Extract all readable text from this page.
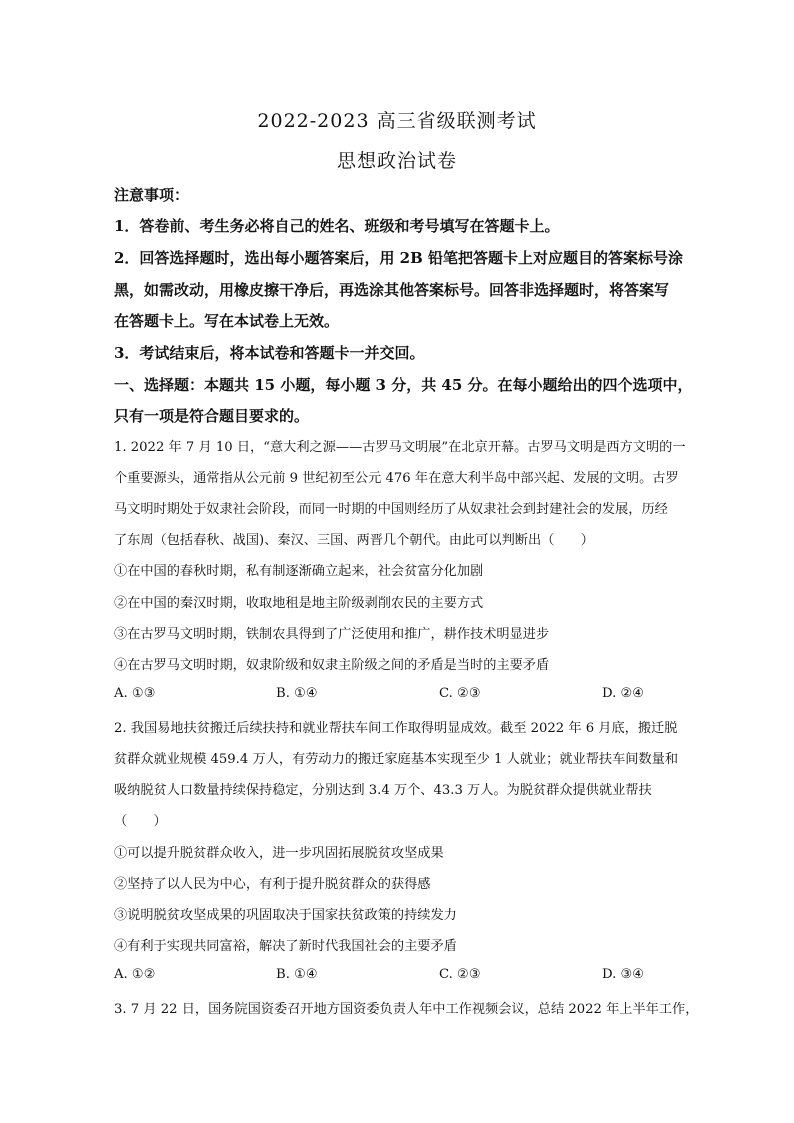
2022-2023 高三省级联测考试
思想政治试卷
注意事项：
1．答卷前、考生务必将自己的姓名、班级和考号填写在答题卡上。
2．回答选择题时，选出每小题答案后，用 2B 铅笔把答题卡上对应题目的答案标号涂
黑，如需改动，用橡皮擦干净后，再选涂其他答案标号。回答非选择题时，将答案写
在答题卡上。写在本试卷上无效。
3．考试结束后，将本试卷和答题卡一并交回。
一、选择题：本题共 15 小题，每小题 3 分，共 45 分。在每小题给出的四个选项中，
只有一项是符合题目要求的。
1. 2022 年 7 月 10 日，“意大利之源——古罗马文明展”在北京开幕。古罗马文明是西方文明的一
个重要源头，通常指从公元前 9 世纪初至公元 476 年在意大利半岛中部兴起、发展的文明。古罗
马文明时期处于奴隶社会阶段，而同一时期的中国则经历了从奴隶社会到封建社会的发展，历经
了东周（包括春秋、战国)、秦汉、三国、两晋几个朝代。由此可以判断出（　　）
①在中国的春秋时期，私有制逐渐确立起来，社会贫富分化加剧
②在中国的秦汉时期，收取地租是地主阶级剥削农民的主要方式
③在古罗马文明时期，铁制农具得到了广泛使用和推广，耕作技术明显进步
④在古罗马文明时期，奴隶阶级和奴隶主阶级之间的矛盾是当时的主要矛盾
A. ①③	B. ①④	C. ②③	D. ②④
2. 我国易地扶贫搬迁后续扶持和就业帮扶车间工作取得明显成效。截至 2022 年 6 月底，搬迁脱
贫群众就业规模 459.4 万人，有劳动力的搬迁家庭基本实现至少 1 人就业；就业帮扶车间数量和
吸纳脱贫人口数量持续保持稳定，分别达到 3.4 万个、43.3 万人。为脱贫群众提供就业帮扶
（　　）
①可以提升脱贫群众收入，进一步巩固拓展脱贫攻坚成果
②坚持了以人民为中心，有利于提升脱贫群众的获得感
③说明脱贫攻坚成果的巩固取决于国家扶贫政策的持续发力
④有利于实现共同富裕，解决了新时代我国社会的主要矛盾
A. ①②	B. ①④	C. ②③	D. ③④
3. 7 月 22 日，国务院国资委召开地方国资委负责人年中工作视频会议，总结 2022 年上半年工作，
